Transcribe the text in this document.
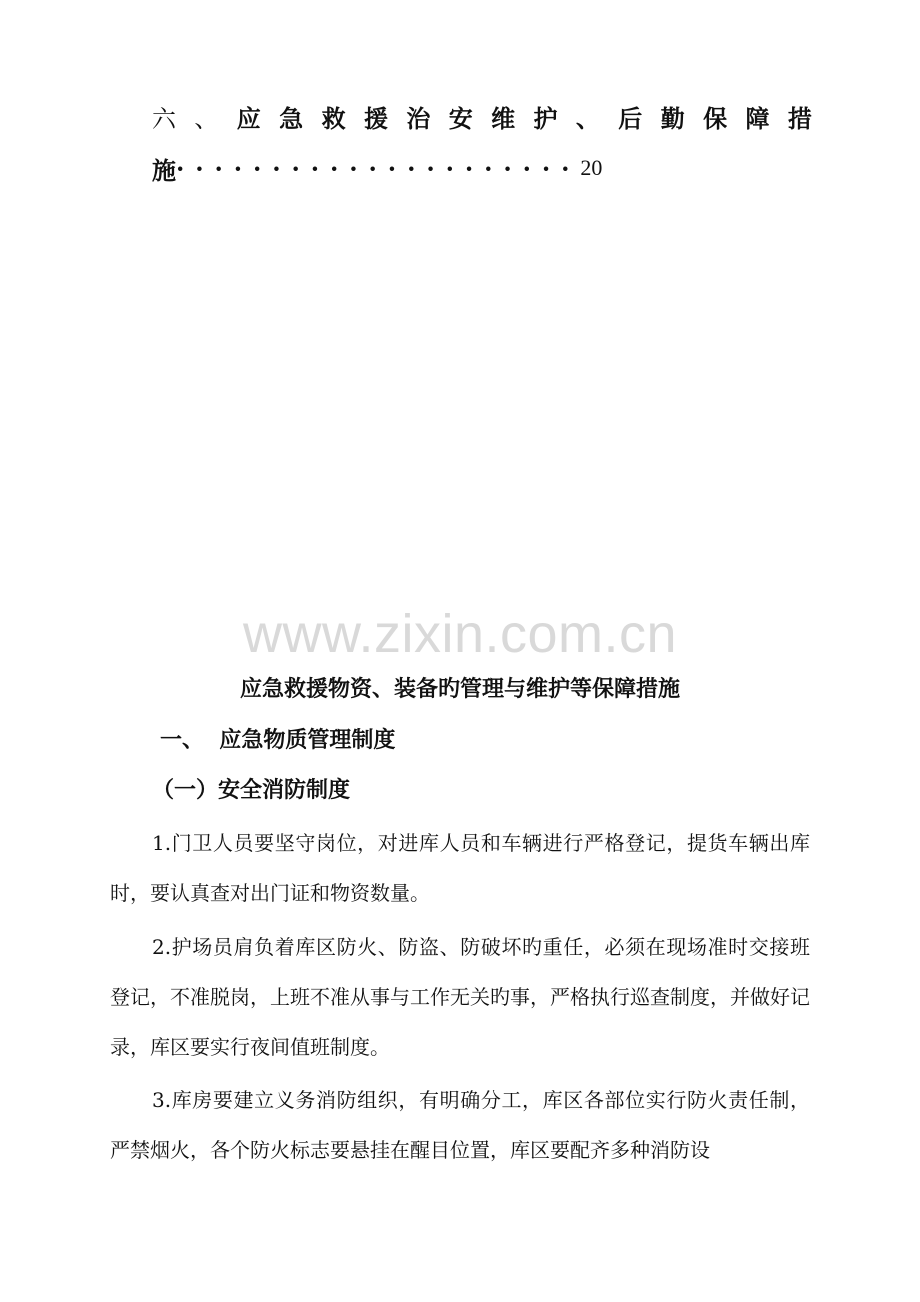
六 、 应 急 救 援 治 安 维 护 、 后 勤 保 障 措
施 ····················· 20
www.zixin.com.cn
应急救援物资、装备旳管理与维护等保障措施
一、  应急物质管理制度
（一）安全消防制度

1.门卫人员要坚守岗位，对进库人员和车辆进行严格登记，提货车辆出库时，要认真查对出门证和物资数量。

2.护场员肩负着库区防火、防盗、防破坏旳重任，必须在现场准时交接班登记，不准脱岗，上班不准从事与工作无关旳事，严格执行巡查制度，并做好记录，库区要实行夜间值班制度。

3.库房要建立义务消防组织，有明确分工，库区各部位实行防火责任制，严禁烟火，各个防火标志要悬挂在醒目位置，库区要配齐多种消防设
